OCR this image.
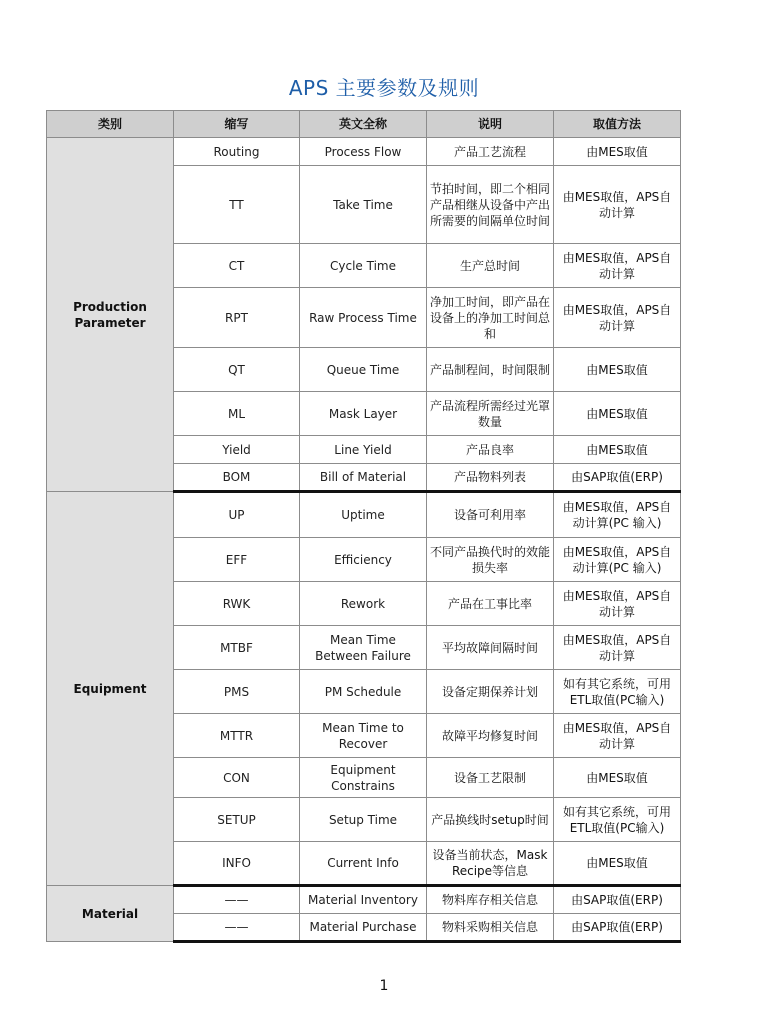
APS 主要参数及规则
类别	缩写	英文全称	说明	取值方法
Production Parameter	Routing	Process Flow	产品工艺流程	由MES取值
	TT	Take Time	节拍时间，即二个相同产品相继从设备中产出所需要的间隔单位时间	由MES取值，APS自动计算
	CT	Cycle Time	生产总时间	由MES取值，APS自动计算
	RPT	Raw Process Time	净加工时间，即产品在设备上的净加工时间总和	由MES取值，APS自动计算
	QT	Queue Time	产品制程间，时间限制	由MES取值
	ML	Mask Layer	产品流程所需经过光罩数量	由MES取值
	Yield	Line Yield	产品良率	由MES取值
	BOM	Bill of Material	产品物料列表	由SAP取值(ERP)
Equipment	UP	Uptime	设备可利用率	由MES取值，APS自动计算(PC 输入)
	EFF	Efficiency	不同产品换代时的效能损失率	由MES取值，APS自动计算(PC 输入)
	RWK	Rework	产品在工事比率	由MES取值，APS自动计算
	MTBF	Mean Time Between Failure	平均故障间隔时间	由MES取值，APS自动计算
	PMS	PM Schedule	设备定期保养计划	如有其它系统，可用ETL取值(PC输入)
	MTTR	Mean Time to Recover	故障平均修复时间	由MES取值，APS自动计算
	CON	Equipment Constrains	设备工艺限制	由MES取值
	SETUP	Setup Time	产品换线时setup时间	如有其它系统，可用ETL取值(PC输入)
	INFO	Current Info	设备当前状态，Mask Recipe等信息	由MES取值
Material	——	Material Inventory	物料库存相关信息	由SAP取值(ERP)
	——	Material Purchase	物料采购相关信息	由SAP取值(ERP)
1
